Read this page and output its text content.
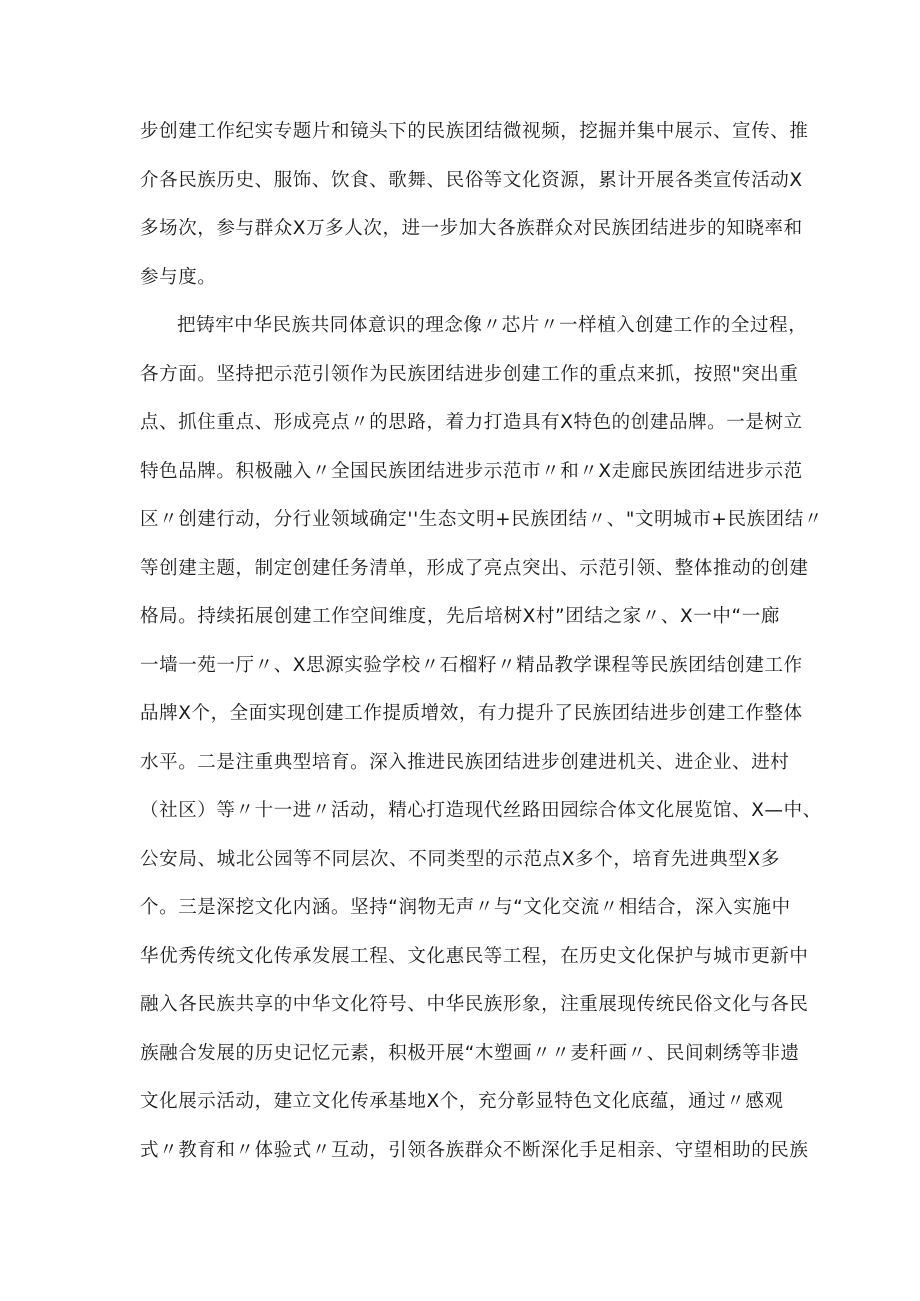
步创建工作纪实专题片和镜头下的民族团结微视频，挖掘并集中展示、宣传、推
介各民族历史、服饰、饮食、歌舞、民俗等文化资源，累计开展各类宣传活动X
多场次，参与群众X万多人次，进一步加大各族群众对民族团结进步的知晓率和
参与度。
把铸牢中华民族共同体意识的理念像〃芯片〃一样植入创建工作的全过程，
各方面。坚持把示范引领作为民族团结进步创建工作的重点来抓，按照"突出重
点、抓住重点、形成亮点〃的思路，着力打造具有X特色的创建品牌。一是树立
特色品牌。积极融入〃全国民族团结进步示范市〃和〃X走廊民族团结进步示范
区〃创建行动，分行业领域确定''生态文明+民族团结〃、"文明城市+民族团结〃
等创建主题，制定创建任务清单，形成了亮点突出、示范引领、整体推动的创建
格局。持续拓展创建工作空间维度，先后培树X村”团结之家〃、X一中“一廊
一墙一苑一厅〃、X思源实验学校〃石榴籽〃精品教学课程等民族团结创建工作
品牌X个，全面实现创建工作提质增效，有力提升了民族团结进步创建工作整体
水平。二是注重典型培育。深入推进民族团结进步创建进机关、进企业、进村
（社区）等〃十一进〃活动，精心打造现代丝路田园综合体文化展览馆、X—中、
公安局、城北公园等不同层次、不同类型的示范点X多个，培育先进典型X多
个。三是深挖文化内涵。坚持“润物无声〃与“文化交流〃相结合，深入实施中
华优秀传统文化传承发展工程、文化惠民等工程，在历史文化保护与城市更新中
融入各民族共享的中华文化符号、中华民族形象，注重展现传统民俗文化与各民
族融合发展的历史记忆元素，积极开展“木塑画〃〃麦秆画〃、民间刺绣等非遗
文化展示活动，建立文化传承基地X个，充分彰显特色文化底蕴，通过〃感观
式〃教育和〃体验式〃互动，引领各族群众不断深化手足相亲、守望相助的民族
